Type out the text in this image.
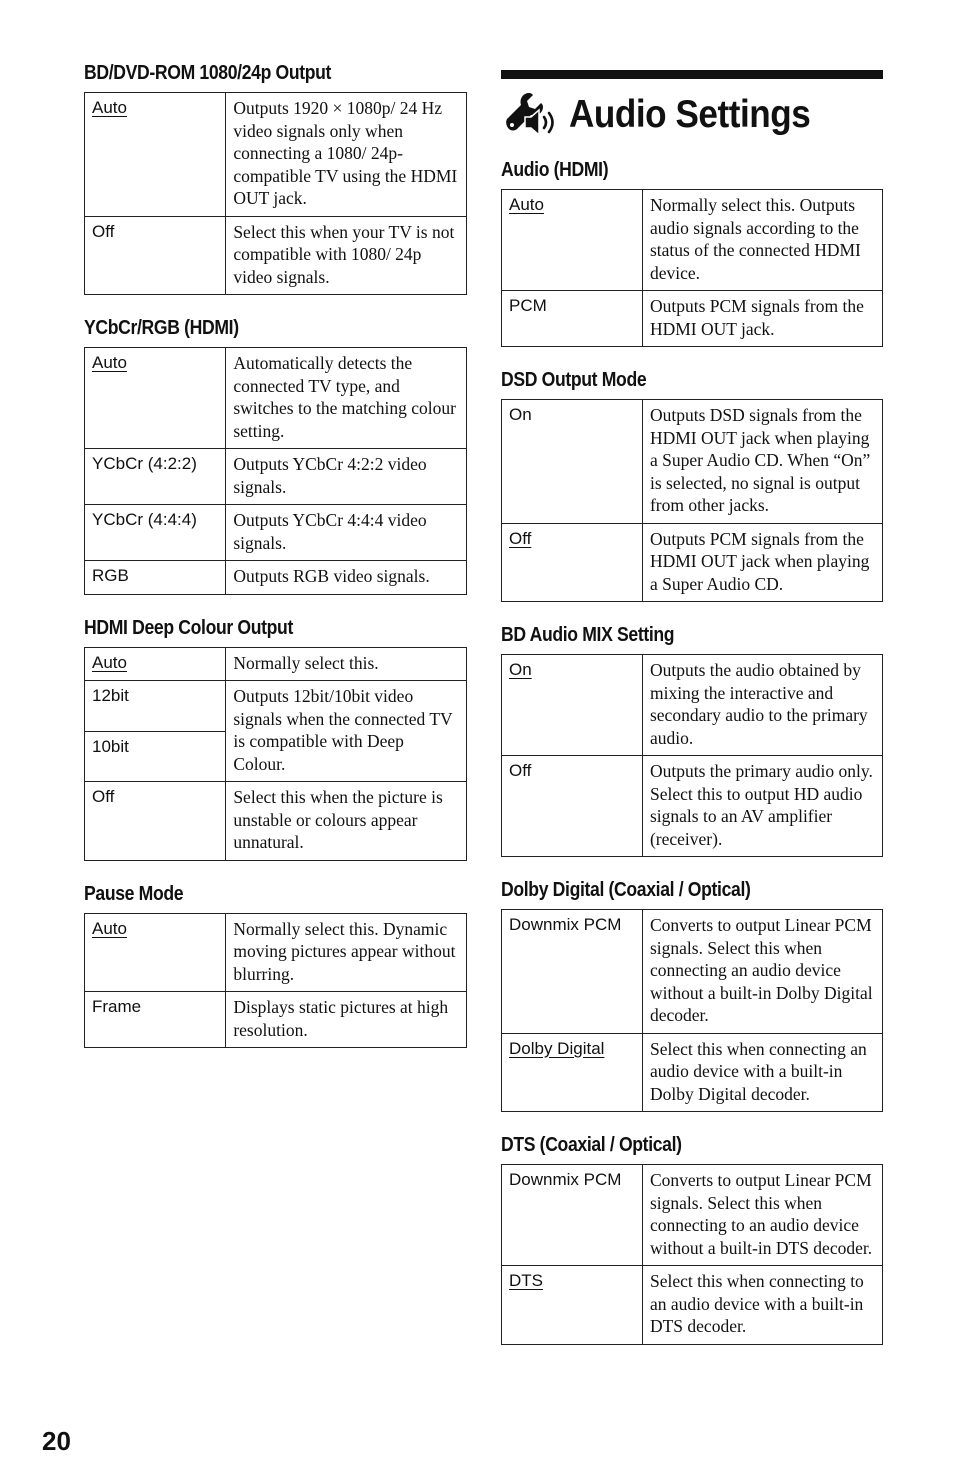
BD/DVD-ROM 1080/24p Output
Auto	Outputs 1920 × 1080p/ 24 Hz video signals only when connecting a 1080/ 24p-compatible TV using the HDMI OUT jack.
Off	Select this when your TV is not compatible with 1080/ 24p video signals.
YCbCr/RGB (HDMI)
Auto	Automatically detects the connected TV type, and switches to the matching colour setting.
YCbCr (4:2:2)	Outputs YCbCr 4:2:2 video signals.
YCbCr (4:4:4)	Outputs YCbCr 4:4:4 video signals.
RGB	Outputs RGB video signals.
HDMI Deep Colour Output
Auto	Normally select this.
12bit	Outputs 12bit/10bit video signals when the connected TV is compatible with Deep Colour.
10bit	
Off	Select this when the picture is unstable or colours appear unnatural.
Pause Mode
Auto	Normally select this. Dynamic moving pictures appear without blurring.
Frame	Displays static pictures at high resolution.
Audio Settings
Audio (HDMI)
Auto	Normally select this. Outputs audio signals according to the status of the connected HDMI device.
PCM	Outputs PCM signals from the HDMI OUT jack.
DSD Output Mode
On	Outputs DSD signals from the HDMI OUT jack when playing a Super Audio CD. When “On” is selected, no signal is output from other jacks.
Off	Outputs PCM signals from the HDMI OUT jack when playing a Super Audio CD.
BD Audio MIX Setting
On	Outputs the audio obtained by mixing the interactive and secondary audio to the primary audio.
Off	Outputs the primary audio only. Select this to output HD audio signals to an AV amplifier (receiver).
Dolby Digital (Coaxial / Optical)
Downmix PCM	Converts to output Linear PCM signals. Select this when connecting an audio device without a built-in Dolby Digital decoder.
Dolby Digital	Select this when connecting an audio device with a built-in Dolby Digital decoder.
DTS (Coaxial / Optical)
Downmix PCM	Converts to output Linear PCM signals. Select this when connecting to an audio device without a built-in DTS decoder.
DTS	Select this when connecting to an audio device with a built-in DTS decoder.
20
